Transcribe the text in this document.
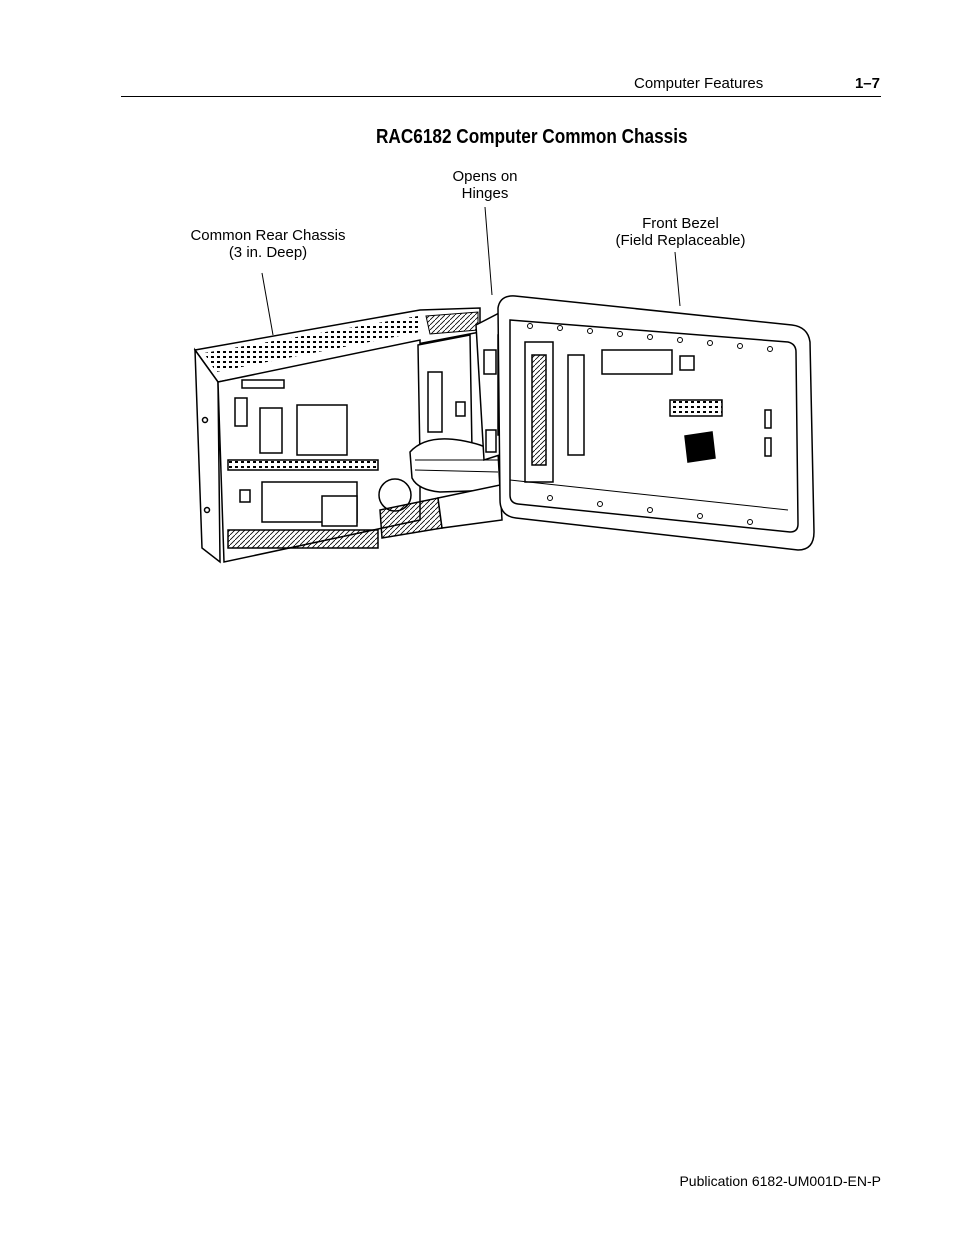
Computer Features	1–7
RAC6182 Computer Common Chassis
Opens on
Hinges
Common Rear Chassis
(3 in. Deep)
Front Bezel
(Field Replaceable)
Publication 6182-UM001D-EN-P
